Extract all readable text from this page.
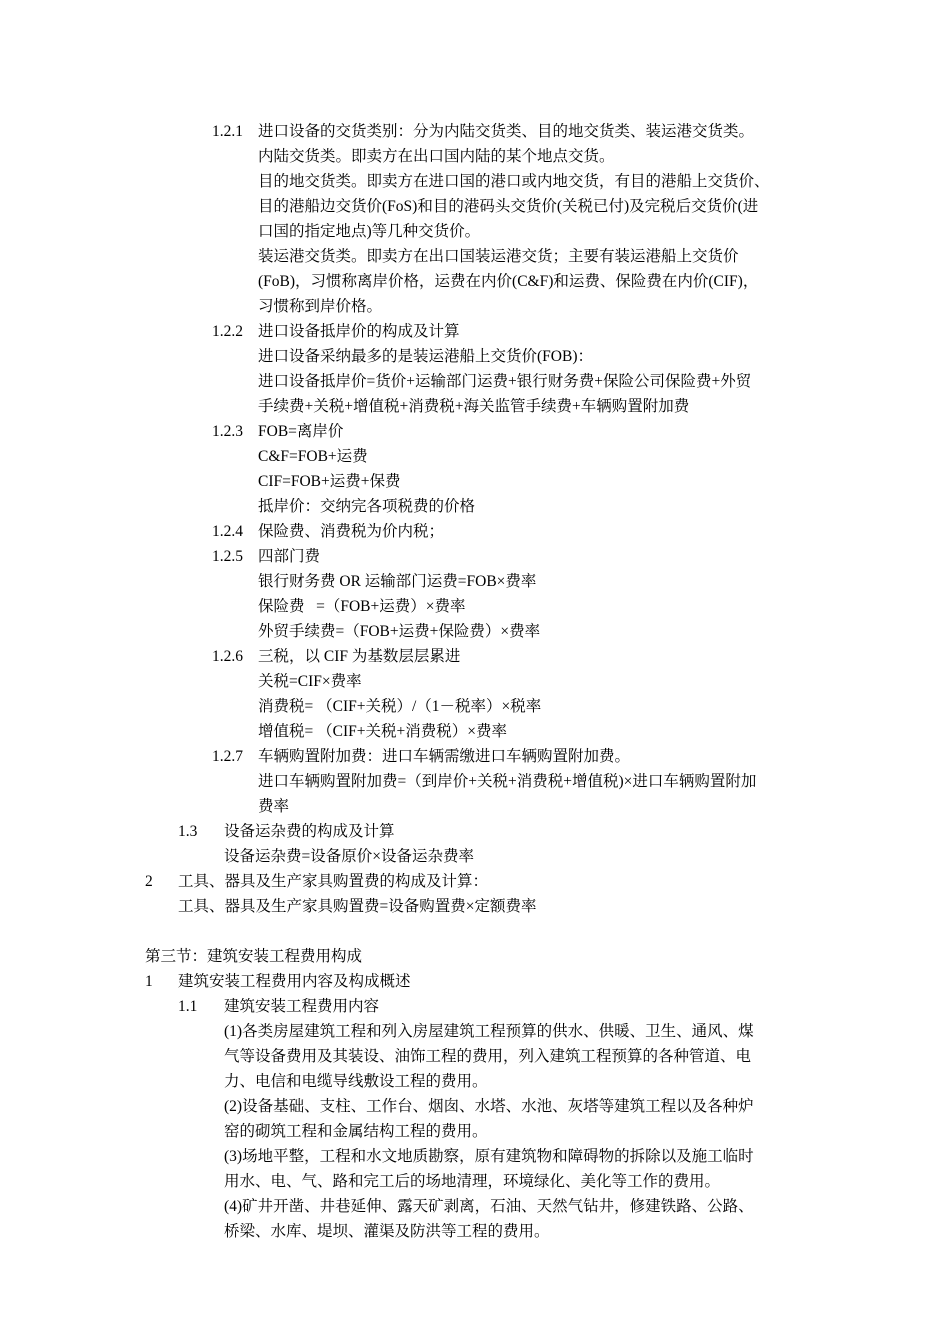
1.2.1 进口设备的交货类别：分为内陆交货类、目的地交货类、装运港交货类。
内陆交货类。即卖方在出口国内陆的某个地点交货。
目的地交货类。即卖方在进口国的港口或内地交货，有目的港船上交货价、
目的港船边交货价(FoS)和目的港码头交货价(关税已付)及完税后交货价(进
口国的指定地点)等几种交货价。
装运港交货类。即卖方在出口国装运港交货；主要有装运港船上交货价
(FoB)，习惯称离岸价格，运费在内价(C&F)和运费、保险费在内价(CIF)，
习惯称到岸价格。
1.2.2 进口设备抵岸价的构成及计算
进口设备采纳最多的是装运港船上交货价(FOB)：
进口设备抵岸价=货价+运输部门运费+银行财务费+保险公司保险费+外贸
手续费+关税+增值税+消费税+海关监管手续费+车辆购置附加费
1.2.3 FOB=离岸价
C&F=FOB+运费
CIF=FOB+运费+保费
抵岸价：交纳完各项税费的价格
1.2.4 保险费、消费税为价内税；
1.2.5 四部门费
银行财务费 OR 运输部门运费=FOB×费率
保险费   =（FOB+运费）×费率
外贸手续费=（FOB+运费+保险费）×费率
1.2.6 三税，以 CIF 为基数层层累进
关税=CIF×费率
消费税= （CIF+关税）/（1－税率）×税率
增值税= （CIF+关税+消费税）×费率
1.2.7 车辆购置附加费：进口车辆需缴进口车辆购置附加费。
进口车辆购置附加费=（到岸价+关税+消费税+增值税)×进口车辆购置附加
费率
1.3 设备运杂费的构成及计算
设备运杂费=设备原价×设备运杂费率
2 工具、器具及生产家具购置费的构成及计算：
工具、器具及生产家具购置费=设备购置费×定额费率
第三节：建筑安装工程费用构成
1 建筑安装工程费用内容及构成概述
1.1 建筑安装工程费用内容
(1)各类房屋建筑工程和列入房屋建筑工程预算的供水、供暖、卫生、通风、煤
气等设备费用及其装设、油饰工程的费用，列入建筑工程预算的各种管道、电
力、电信和电缆导线敷设工程的费用。
(2)设备基础、支柱、工作台、烟囱、水塔、水池、灰塔等建筑工程以及各种炉
窑的砌筑工程和金属结构工程的费用。
(3)场地平整，工程和水文地质勘察，原有建筑物和障碍物的拆除以及施工临时
用水、电、气、路和完工后的场地清理，环境绿化、美化等工作的费用。
(4)矿井开凿、井巷延伸、露天矿剥离，石油、天然气钻井，修建铁路、公路、
桥梁、水库、堤坝、灌渠及防洪等工程的费用。
